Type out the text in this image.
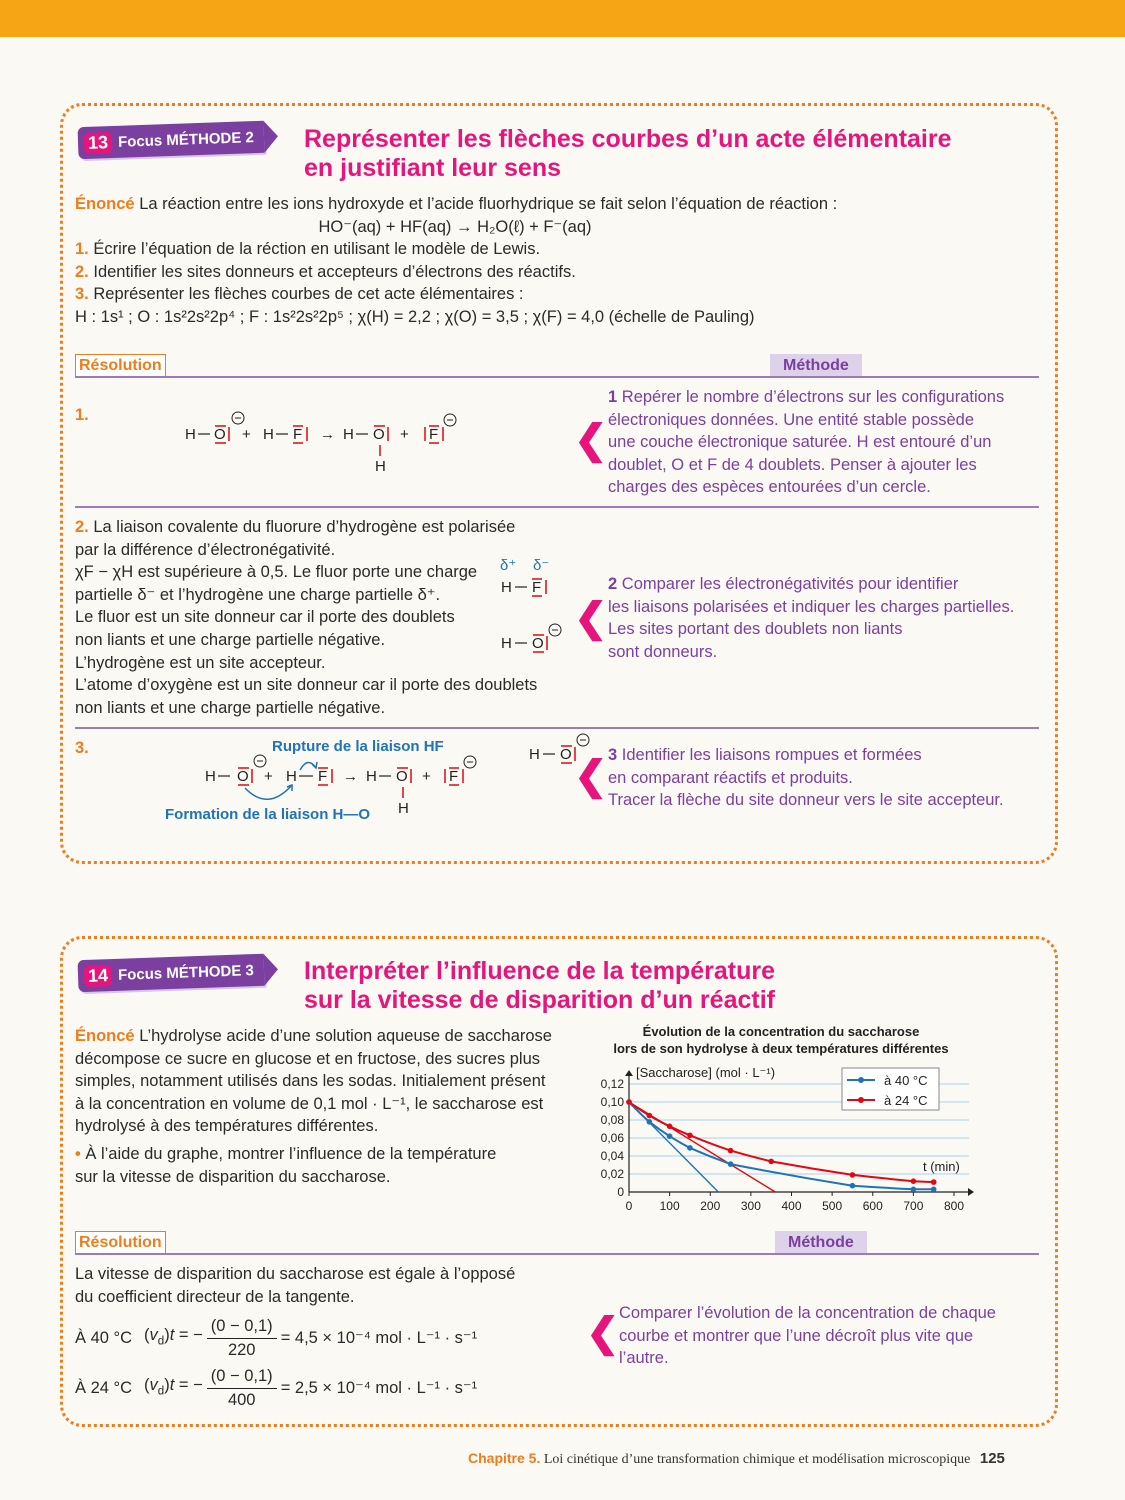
13 Focus MÉTHODE 2 Représenter les flèches courbes d’un acte élémentaire
en justifiant leur sens
Énoncé La réaction entre les ions hydroxyde et l’acide fluorhydrique se fait selon l’équation de réaction :
HO⁻(aq) + HF(aq) → H₂O(ℓ) + F⁻(aq)
1. Écrire l’équation de la réction en utilisant le modèle de Lewis.
2. Identifier les sites donneurs et accepteurs d’électrons des réactifs.
3. Représenter les flèches courbes de cet acte élémentaires :
H : 1s¹ ; O : 1s²2s²2p⁴ ; F : 1s²2s²2p⁵ ; χ(H) = 2,2 ; χ(O) = 3,5 ; χ(F) = 4,0 (échelle de Pauling)
Résolution	Méthode
1.
H O + H F → H O
H
+ F	❮
1 Repérer le nombre d’électrons sur les configurations
électroniques données. Une entité stable possède
une couche électronique saturée. H est entouré d’un
doublet, O et F de 4 doublets. Penser à ajouter les
charges des espèces entourées d’un cercle.
2. La liaison covalente du fluorure d’hydrogène est polarisée
par la différence d’électronégativité.
χF − χH est supérieure à 0,5. Le fluor porte une charge
partielle δ⁻ et l’hydrogène une charge partielle δ⁺.
Le fluor est un site donneur car il porte des doublets
non liants et une charge partielle négative.
L’hydrogène est un site accepteur.
L’atome d’oxygène est un site donneur car il porte des doublets
non liants et une charge partielle négative.
δ⁺ δ⁻
H F
H O
❮
2 Comparer les électronégativités pour identifier
les liaisons polarisées et indiquer les charges partielles.
Les sites portant des doublets non liants
sont donneurs.
3.	Rupture de la liaison HF
Formation de la liaison H—O
H O + H F → H O
H
+ F
H O ❮ 3 Identifier les liaisons rompues et formées
en comparant réactifs et produits.
Tracer la flèche du site donneur vers le site accepteur.
14 Focus MÉTHODE 3 Interpréter l’influence de la température
sur la vitesse de disparition d’un réactif
Énoncé L’hydrolyse acide d’une solution aqueuse de saccharose
décompose ce sucre en glucose et en fructose, des sucres plus
simples, notamment utilisés dans les sodas. Initialement présent
à la concentration en volume de 0,1 mol · L⁻¹, le saccharose est
hydrolysé à des températures différentes.
• À l’aide du graphe, montrer l’influence de la température
sur la vitesse de disparition du saccharose.
Évolution de la concentration du saccharose
lors de son hydrolyse à deux températures différentes
[Saccharose] (mol · L⁻¹)
t (min)
0
0,02
0,04
0,06
0,08
0,10
0,12
0 100 200 300 400 500 600 700 800
à 40 °C
à 24 °C
Résolution	Méthode
La vitesse de disparition du saccharose est égale à l’opposé
du coefficient directeur de la tangente.
À 40 °C $(v_d)t$ = − $\frac{(0 - 0,1)}{220} = 4,5 \times 10^{-4}$ mol · L⁻¹ · s⁻¹
À 24 °C $(v_d)t$ = − $\frac{(0 - 0,1)}{400} = 2,5 \times 10^{-4}$ mol · L⁻¹ · s⁻¹
❮ Comparer l’évolution de la concentration de chaque
courbe et montrer que l’une décroît plus vite que
l’autre.
Chapitre 5. Loi cinétique d’une transformation chimique et modélisation microscopique 125
